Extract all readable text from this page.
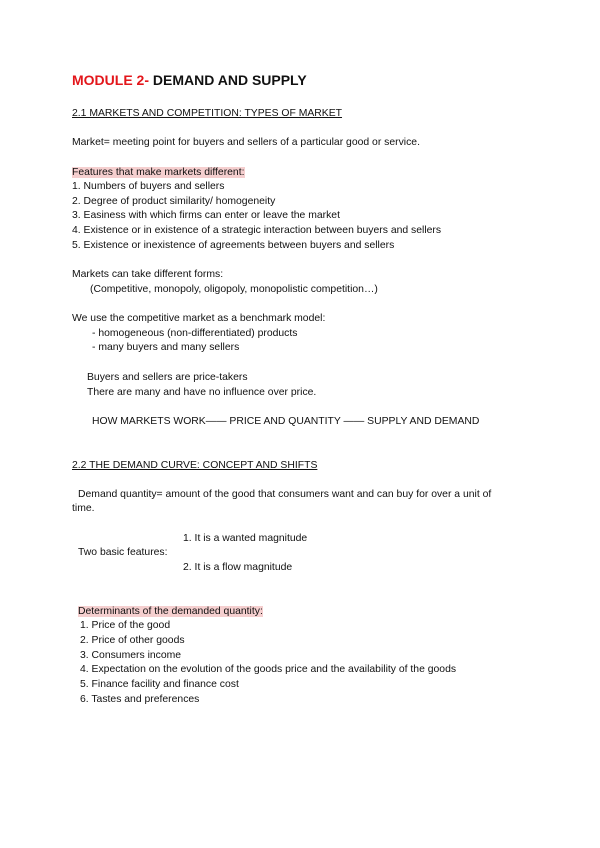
MODULE 2- DEMAND AND SUPPLY
2.1 MARKETS AND COMPETITION: TYPES OF MARKET
Market= meeting point for buyers and sellers of a particular good or service.
Features that make markets different:
1. Numbers of buyers and sellers
2. Degree of product similarity/ homogeneity
3. Easiness with which firms can enter or leave the market
4. Existence or in existence of a strategic interaction between buyers and sellers
5. Existence or inexistence of agreements between buyers and sellers
Markets can take different forms:
(Competitive, monopoly, oligopoly, monopolistic competition…)
We use the competitive market as a benchmark model:
- homogeneous (non-differentiated) products
- many buyers and many sellers
Buyers and sellers are price-takers
There are many and have no influence over price.
HOW MARKETS WORK—— PRICE AND QUANTITY —— SUPPLY AND DEMAND
2.2 THE DEMAND CURVE: CONCEPT AND SHIFTS
Demand quantity= amount of the good that consumers want and can buy for over a unit of
time.
1. It is a wanted magnitude
Two basic features:
2. It is a flow magnitude
Determinants of the demanded quantity:
1. Price of the good
2. Price of other goods
3. Consumers income
4. Expectation on the evolution of the goods price and the availability of the goods
5. Finance facility and finance cost
6. Tastes and preferences
